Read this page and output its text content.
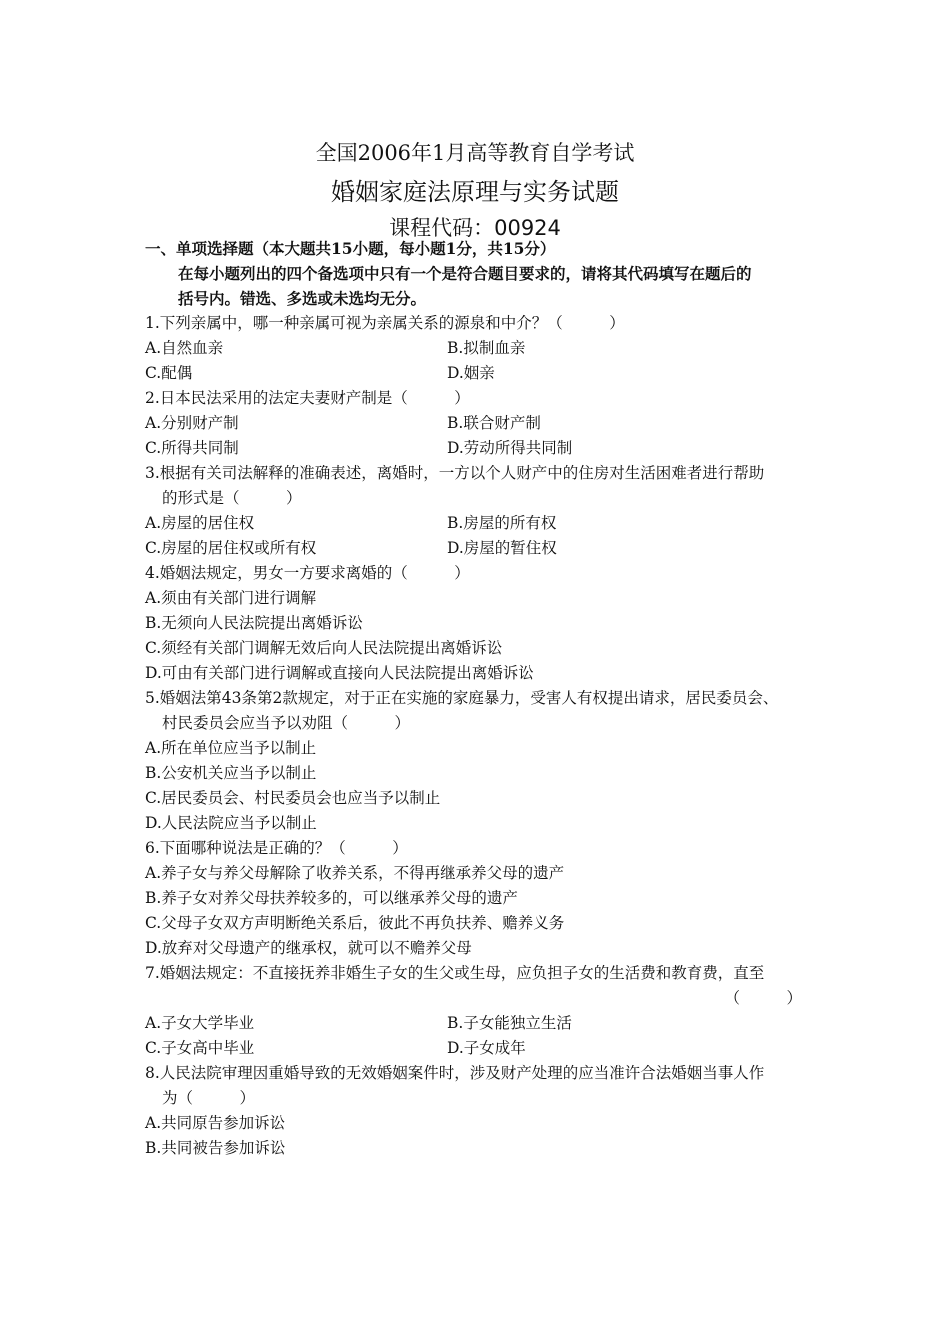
全国2006年1月高等教育自学考试
婚姻家庭法原理与实务试题
课程代码：00924
一、单项选择题（本大题共15小题，每小题1分，共15分）
在每小题列出的四个备选项中只有一个是符合题目要求的，请将其代码填写在题后的
括号内。错选、多选或未选均无分。
1.下列亲属中，哪一种亲属可视为亲属关系的源泉和中介？（　　　）
A.自然血亲	B.拟制血亲
C.配偶	D.姻亲
2.日本民法采用的法定夫妻财产制是（　　　）
A.分别财产制	B.联合财产制
C.所得共同制	D.劳动所得共同制
3.根据有关司法解释的准确表述，离婚时，一方以个人财产中的住房对生活困难者进行帮助
的形式是（　　　）
A.房屋的居住权	B.房屋的所有权
C.房屋的居住权或所有权	D.房屋的暂住权
4.婚姻法规定，男女一方要求离婚的（　　　）
A.须由有关部门进行调解
B.无须向人民法院提出离婚诉讼
C.须经有关部门调解无效后向人民法院提出离婚诉讼
D.可由有关部门进行调解或直接向人民法院提出离婚诉讼
5.婚姻法第43条第2款规定，对于正在实施的家庭暴力，受害人有权提出请求，居民委员会、
村民委员会应当予以劝阻（　　　）
A.所在单位应当予以制止
B.公安机关应当予以制止
C.居民委员会、村民委员会也应当予以制止
D.人民法院应当予以制止
6.下面哪种说法是正确的？（　　　）
A.养子女与养父母解除了收养关系，不得再继承养父母的遗产
B.养子女对养父母扶养较多的，可以继承养父母的遗产
C.父母子女双方声明断绝关系后，彼此不再负扶养、赡养义务
D.放弃对父母遗产的继承权，就可以不赡养父母
7.婚姻法规定：不直接抚养非婚生子女的生父或生母，应负担子女的生活费和教育费，直至
（　　　）
A.子女大学毕业	B.子女能独立生活
C.子女高中毕业	D.子女成年
8.人民法院审理因重婚导致的无效婚姻案件时，涉及财产处理的应当准许合法婚姻当事人作
为（　　　）
A.共同原告参加诉讼
B.共同被告参加诉讼
